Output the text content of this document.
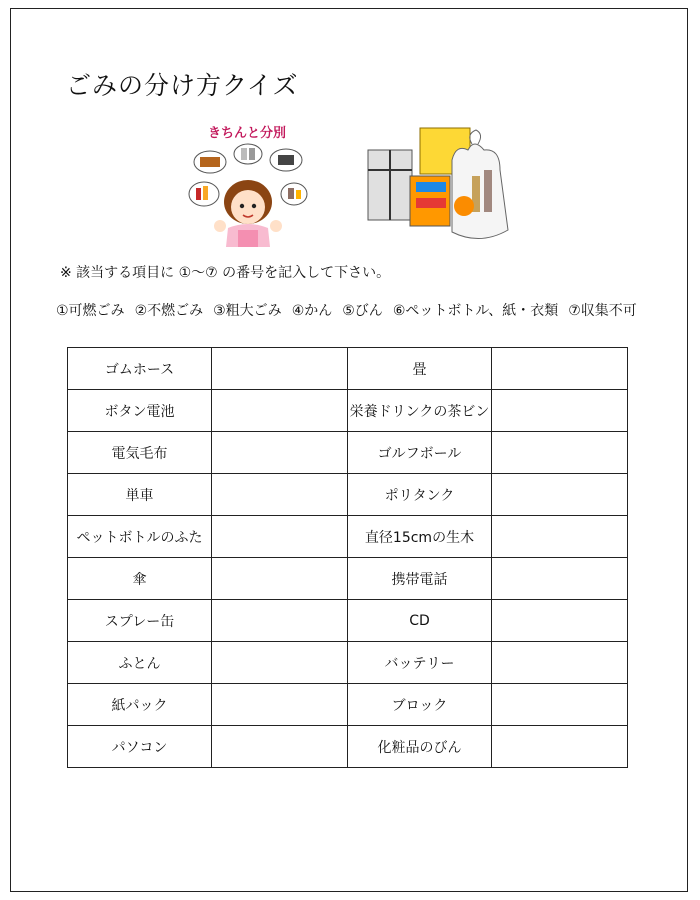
ごみの分け方クイズ
きちんと分別
※ 該当する項目に ①〜⑦ の番号を記入して下さい。
①可燃ごみ ②不燃ごみ ③粗大ごみ ④かん ⑤びん ⑥ペットボトル、紙・衣類 ⑦収集不可
ゴムホース		畳	
ボタン電池		栄養ドリンクの茶ビン	
電気毛布		ゴルフボール	
単車		ポリタンク	
ペットボトルのふた		直径15cmの生木	
傘		携帯電話	
スプレー缶		CD	
ふとん		バッテリー	
紙パック		ブロック	
パソコン		化粧品のびん	
